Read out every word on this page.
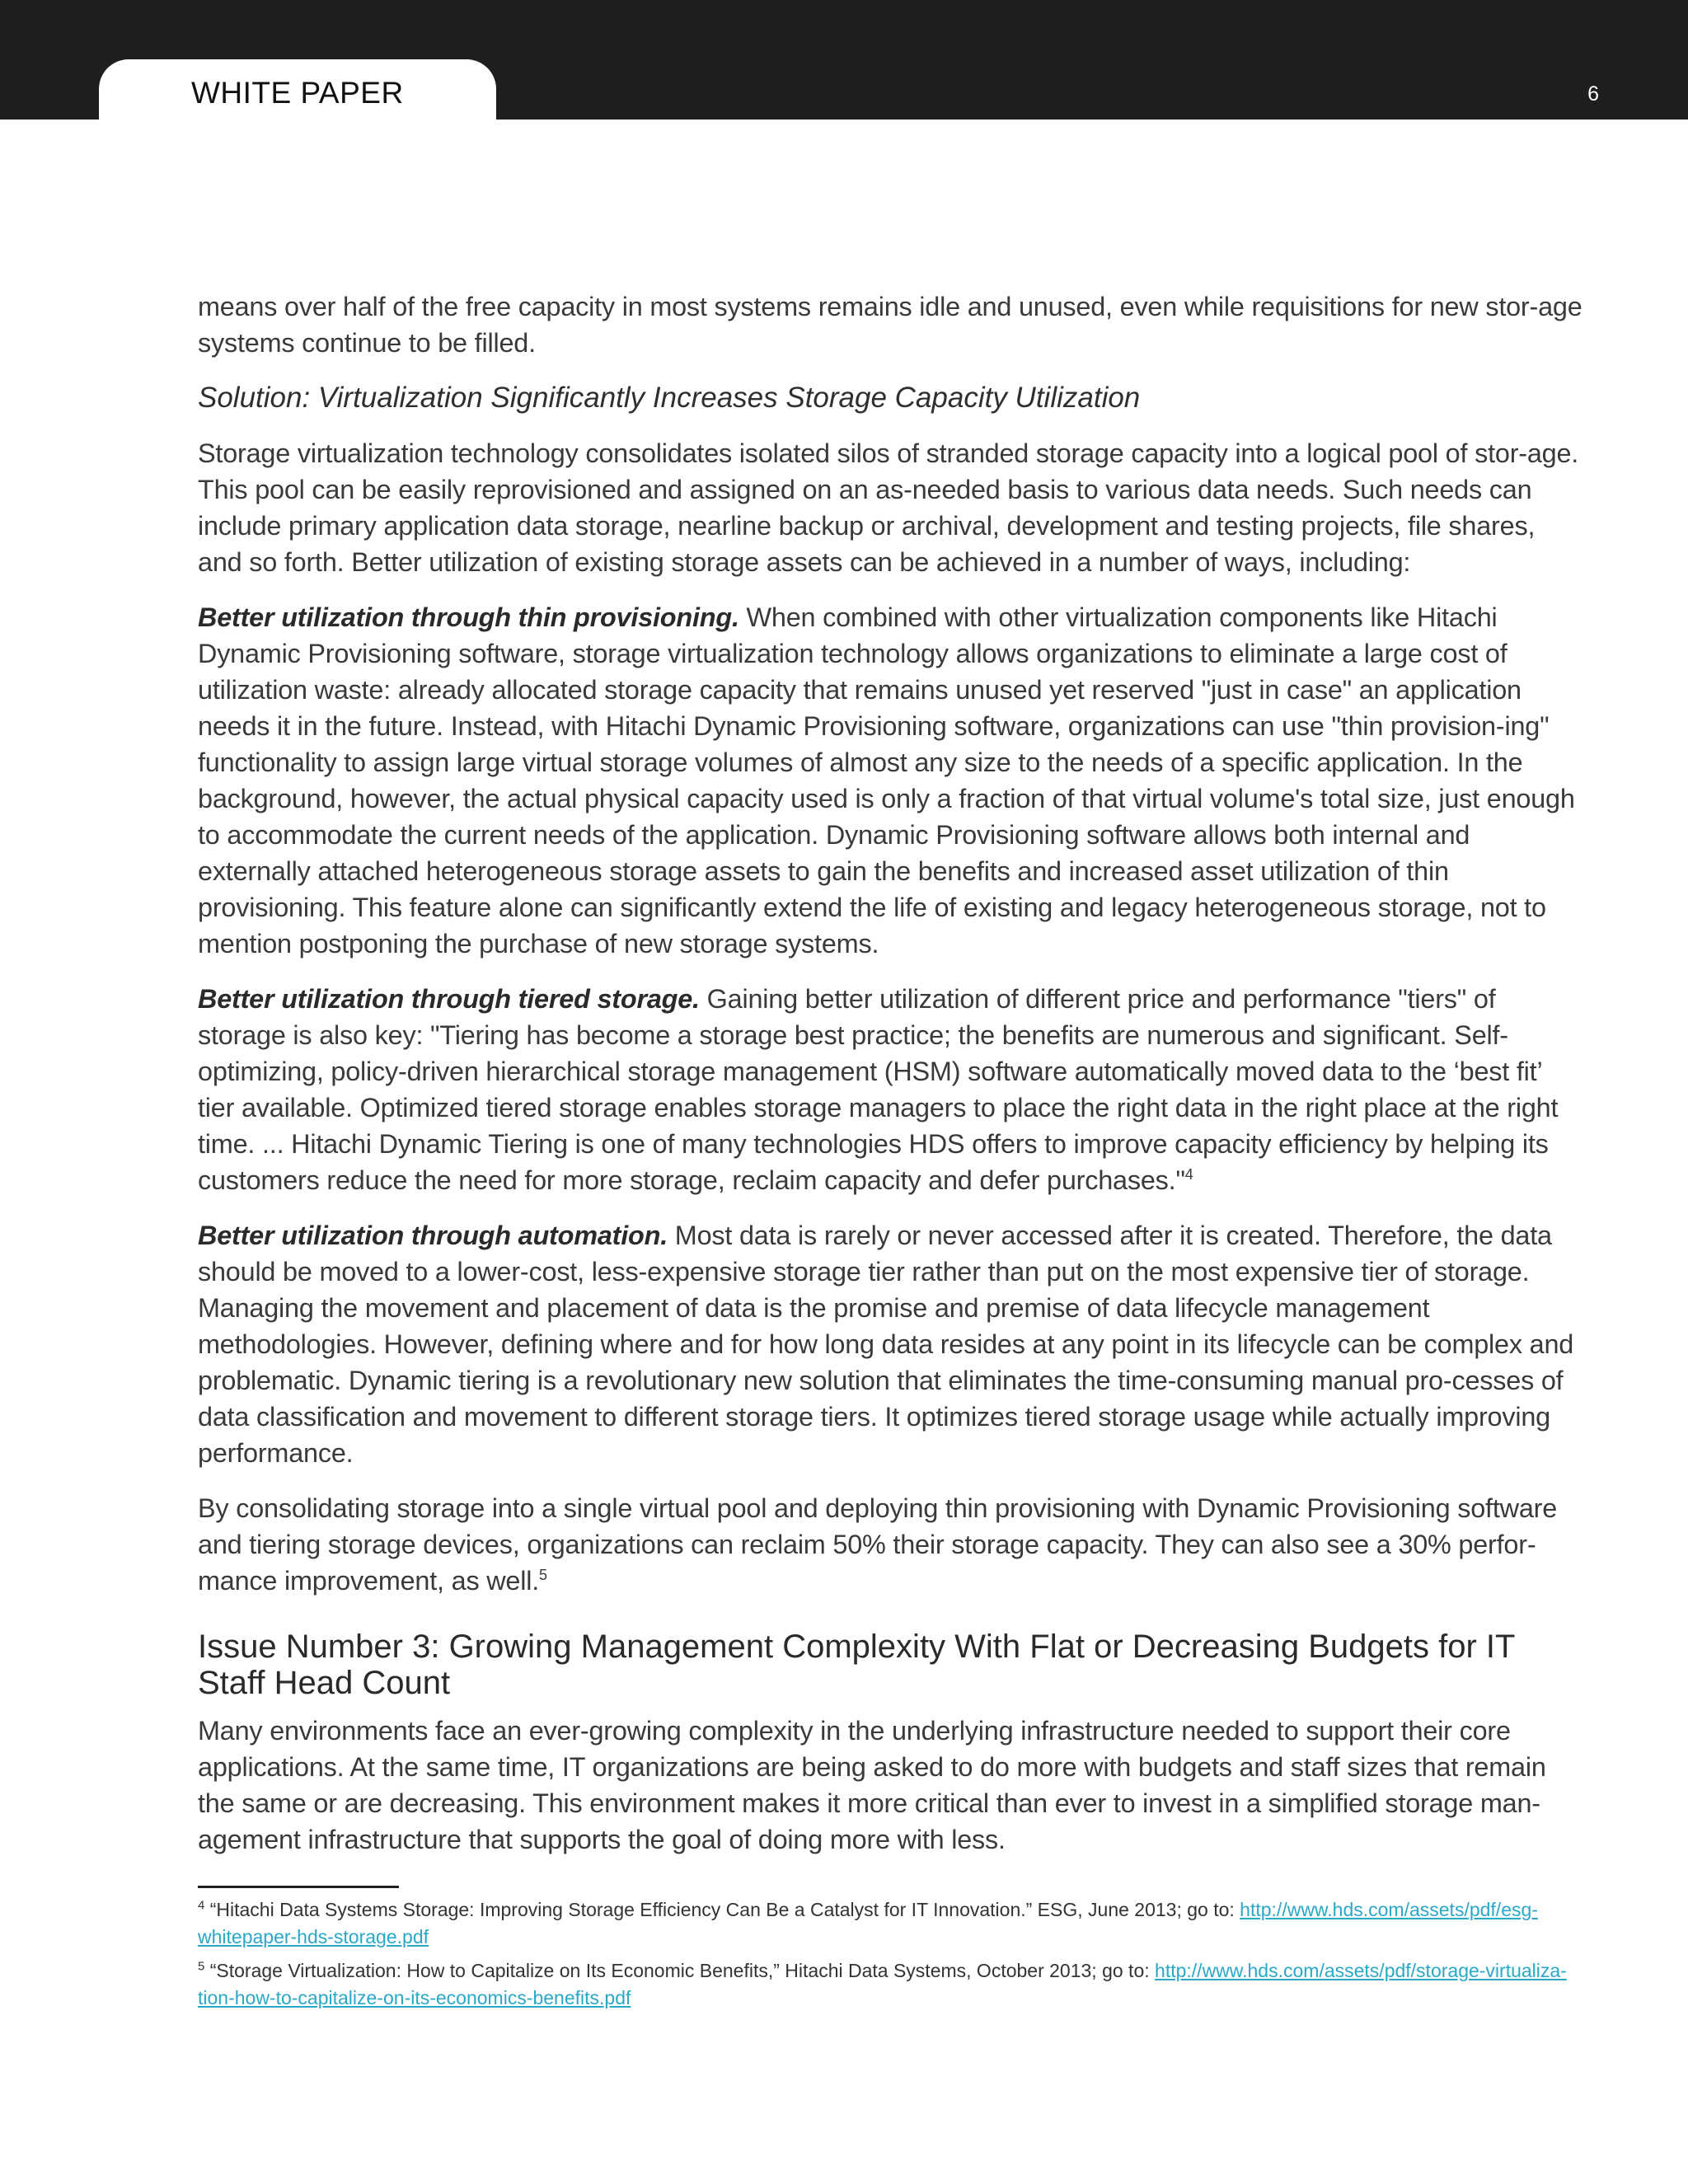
WHITE PAPER	6

means over half of the free capacity in most systems remains idle and unused, even while requisitions for new stor-age systems continue to be filled.

Solution: Virtualization Significantly Increases Storage Capacity Utilization

Storage virtualization technology consolidates isolated silos of stranded storage capacity into a logical pool of stor-age. This pool can be easily reprovisioned and assigned on an as-needed basis to various data needs. Such needs can include primary application data storage, nearline backup or archival, development and testing projects, file shares, and so forth. Better utilization of existing storage assets can be achieved in a number of ways, including:

Better utilization through thin provisioning. When combined with other virtualization components like Hitachi Dynamic Provisioning software, storage virtualization technology allows organizations to eliminate a large cost of utilization waste: already allocated storage capacity that remains unused yet reserved "just in case" an application needs it in the future. Instead, with Hitachi Dynamic Provisioning software, organizations can use "thin provision-ing" functionality to assign large virtual storage volumes of almost any size to the needs of a specific application. In the background, however, the actual physical capacity used is only a fraction of that virtual volume's total size, just enough to accommodate the current needs of the application. Dynamic Provisioning software allows both internal and externally attached heterogeneous storage assets to gain the benefits and increased asset utilization of thin provisioning. This feature alone can significantly extend the life of existing and legacy heterogeneous storage, not to mention postponing the purchase of new storage systems.

Better utilization through tiered storage. Gaining better utilization of different price and performance "tiers" of storage is also key: "Tiering has become a storage best practice; the benefits are numerous and significant. Self-optimizing, policy-driven hierarchical storage management (HSM) software automatically moved data to the ‘best fit’ tier available. Optimized tiered storage enables storage managers to place the right data in the right place at the right time. ... Hitachi Dynamic Tiering is one of many technologies HDS offers to improve capacity efficiency by helping its customers reduce the need for more storage, reclaim capacity and defer purchases."$^4$

Better utilization through automation. Most data is rarely or never accessed after it is created. Therefore, the data should be moved to a lower-cost, less-expensive storage tier rather than put on the most expensive tier of storage. Managing the movement and placement of data is the promise and premise of data lifecycle management methodologies. However, defining where and for how long data resides at any point in its lifecycle can be complex and problematic. Dynamic tiering is a revolutionary new solution that eliminates the time-consuming manual pro-cesses of data classification and movement to different storage tiers. It optimizes tiered storage usage while actually improving performance.

By consolidating storage into a single virtual pool and deploying thin provisioning with Dynamic Provisioning software and tiering storage devices, organizations can reclaim 50% their storage capacity. They can also see a 30% perfor-mance improvement, as well.$^5$

Issue Number 3: Growing Management Complexity With Flat or Decreasing Budgets for IT Staff Head Count

Many environments face an ever-growing complexity in the underlying infrastructure needed to support their core applications. At the same time, IT organizations are being asked to do more with budgets and staff sizes that remain the same or are decreasing. This environment makes it more critical than ever to invest in a simplified storage man-agement infrastructure that supports the goal of doing more with less.

$^4$ “Hitachi Data Systems Storage: Improving Storage Efficiency Can Be a Catalyst for IT Innovation.” ESG, June 2013; go to: http://www.hds.com/assets/pdf/esg-whitepaper-hds-storage.pdf

$^5$ “Storage Virtualization: How to Capitalize on Its Economic Benefits,” Hitachi Data Systems, October 2013; go to: http://www.hds.com/assets/pdf/storage-virtualiza-tion-how-to-capitalize-on-its-economics-benefits.pdf
